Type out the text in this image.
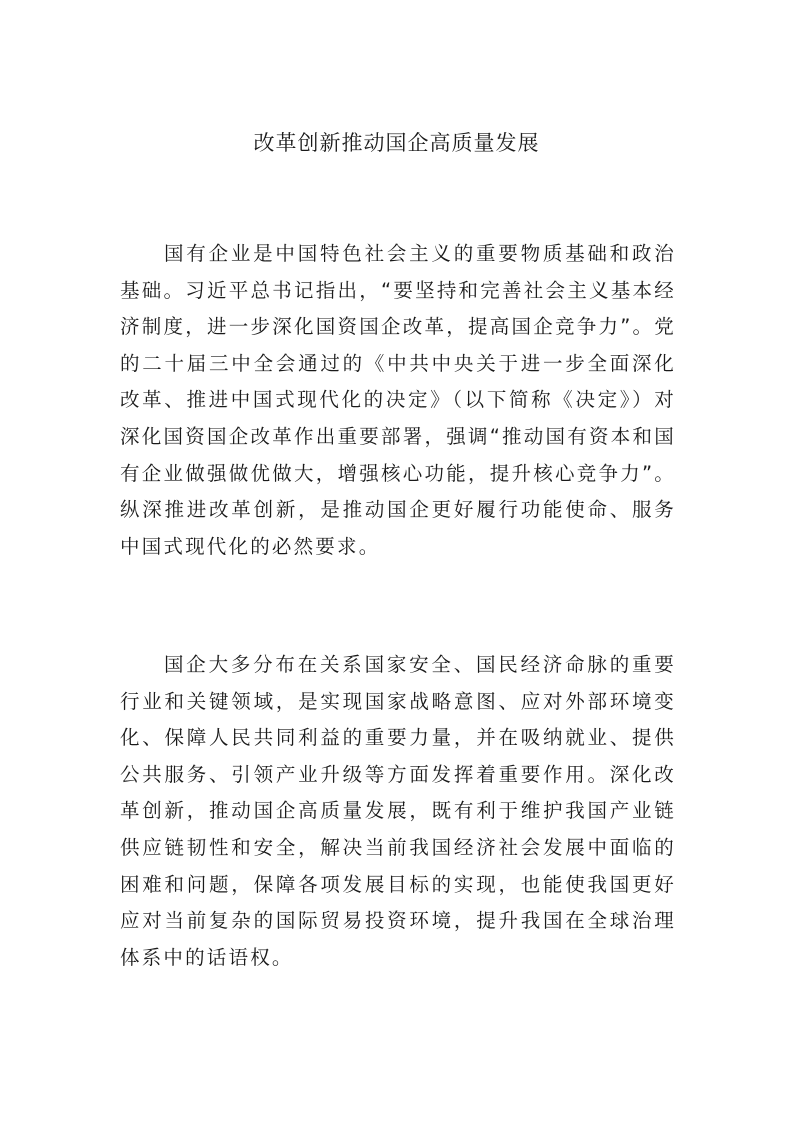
改革创新推动国企高质量发展

国有企业是中国特色社会主义的重要物质基础和政治基础。习近平总书记指出，“要坚持和完善社会主义基本经济制度，进一步深化国资国企改革，提高国企竞争力”。党的二十届三中全会通过的《中共中央关于进一步全面深化改革、推进中国式现代化的决定》（以下简称《决定》）对深化国资国企改革作出重要部署，强调“推动国有资本和国有企业做强做优做大，增强核心功能，提升核心竞争力”。纵深推进改革创新，是推动国企更好履行功能使命、服务中国式现代化的必然要求。

国企大多分布在关系国家安全、国民经济命脉的重要行业和关键领域，是实现国家战略意图、应对外部环境变化、保障人民共同利益的重要力量，并在吸纳就业、提供公共服务、引领产业升级等方面发挥着重要作用。深化改革创新，推动国企高质量发展，既有利于维护我国产业链供应链韧性和安全，解决当前我国经济社会发展中面临的困难和问题，保障各项发展目标的实现，也能使我国更好应对当前复杂的国际贸易投资环境，提升我国在全球治理体系中的话语权。
